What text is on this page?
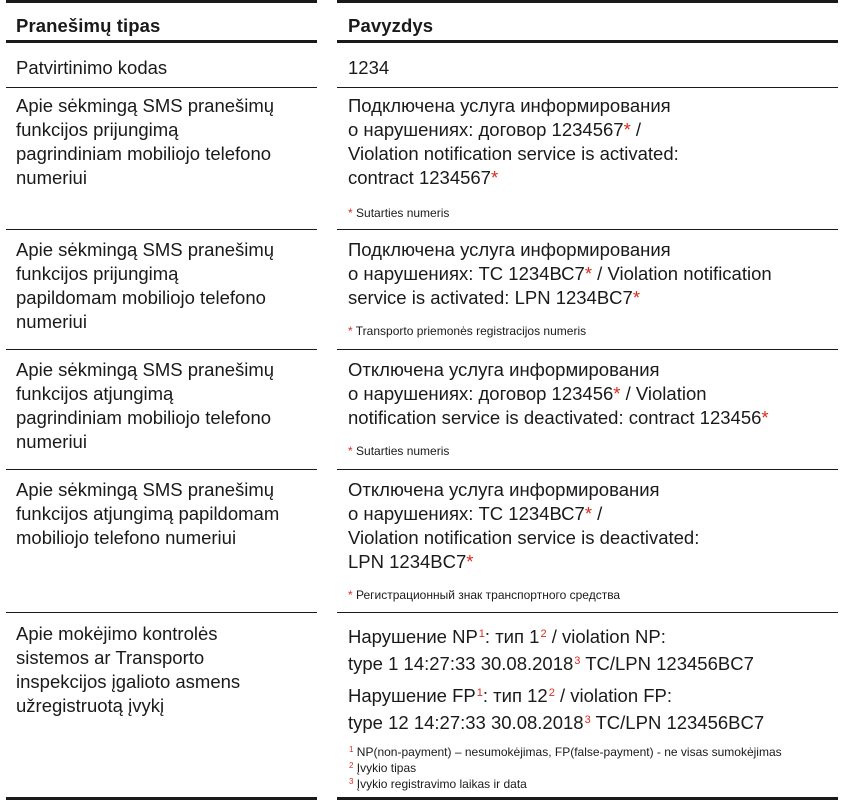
Pranešimų tipas
Patvirtinimo kodas
Apie sėkmingą SMS pranešimų
funkcijos prijungimą
pagrindiniam mobiliojo telefono
numeriui
Apie sėkmingą SMS pranešimų
funkcijos prijungimą
papildomam mobiliojo telefono
numeriui
Apie sėkmingą SMS pranešimų
funkcijos atjungimą
pagrindiniam mobiliojo telefono
numeriui
Apie sėkmingą SMS pranešimų
funkcijos atjungimą papildomam
mobiliojo telefono numeriui
Apie mokėjimo kontrolės
sistemos ar Transporto
inspekcijos įgalioto asmens
užregistruotą įvykį
Pavyzdys
1234
Подключена услуга информирования
о нарушениях: договор 1234567* /
Violation notification service is activated:
contract 1234567*
* Sutarties numeris
Подключена услуга информирования
о нарушениях: ТС 1234ВС7* / Violation notification
service is activated: LPN 1234BC7*
* Transporto priemonės registracijos numeris
Отключена услуга информирования
о нарушениях: договор 123456* / Violation
notification service is deactivated: contract 123456*
* Sutarties numeris
Отключена услуга информирования
о нарушениях: ТС 1234ВС7* /
Violation notification service is deactivated:
LPN 1234BC7*
* Регистрационный знак транспортного средства
Нарушение $NP^1$: тип $1^2$ / violation NP:
type 1 14:27:33 30.08.2018$^3$ TC/LPN 123456BC7
Нарушение $FP^1$: тип $12^2$ / violation FP:
type 12 14:27:33 30.08.2018$^3$ TC/LPN 123456BC7
$^1$ NP(non-payment) – nesumokėjimas, FP(false-payment) - ne visas sumokėjimas
$^2$ Įvykio tipas
$^3$ Įvykio registravimo laikas ir data
